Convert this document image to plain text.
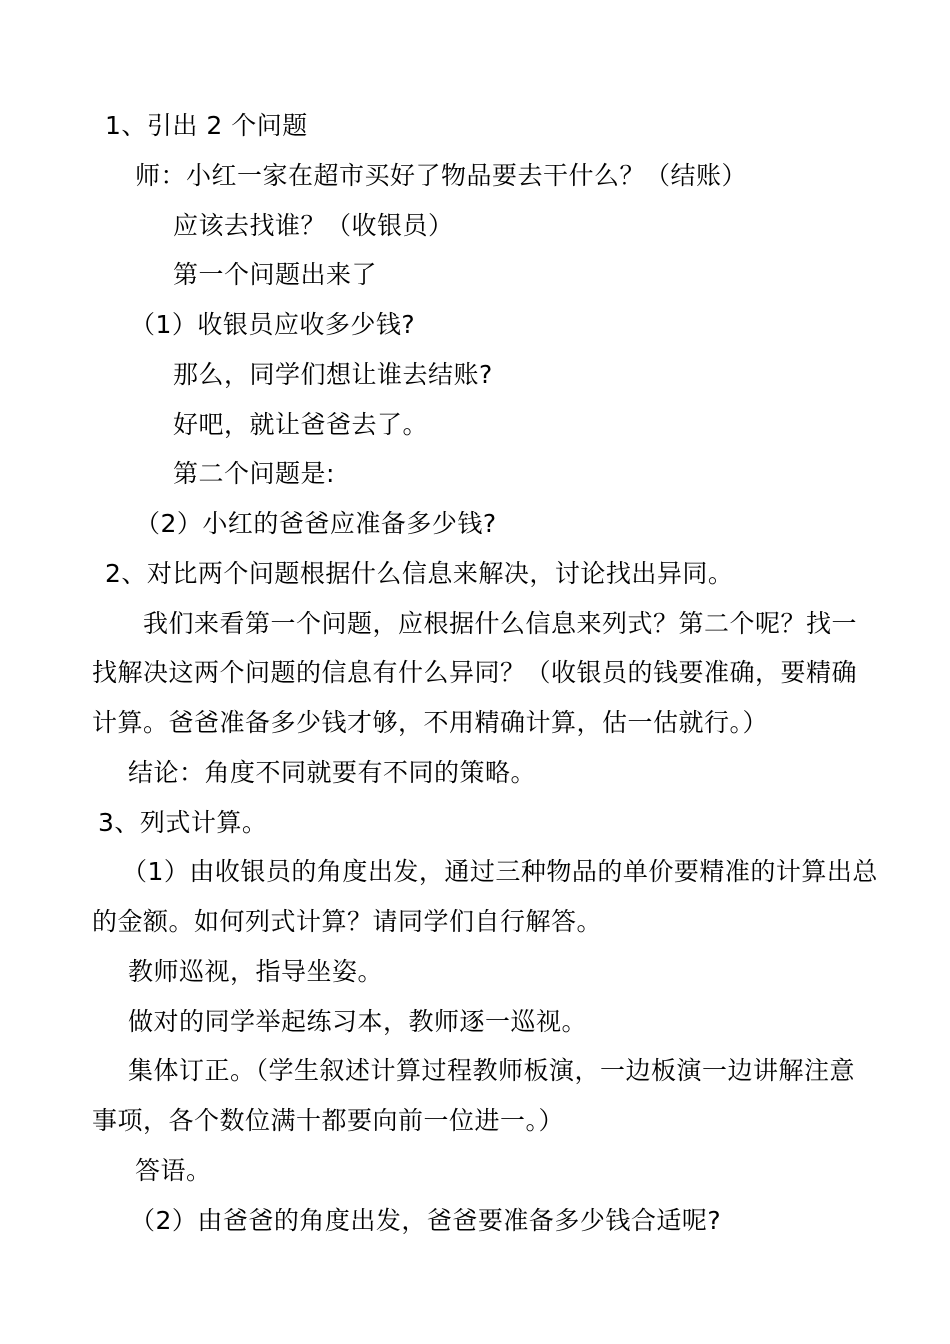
1、引出 2 个问题
师：小红一家在超市买好了物品要去干什么？（结账）
应该去找谁？（收银员）
第一个问题出来了
（1）收银员应收多少钱?
那么，同学们想让谁去结账?
好吧，就让爸爸去了。
第二个问题是:
（2）小红的爸爸应准备多少钱?
2、对比两个问题根据什么信息来解决，讨论找出异同。
我们来看第一个问题，应根据什么信息来列式？第二个呢？找一
找解决这两个问题的信息有什么异同？（收银员的钱要准确，要精确
计算。爸爸准备多少钱才够，不用精确计算，估一估就行。）
结论：角度不同就要有不同的策略。
3、列式计算。
（1）由收银员的角度出发，通过三种物品的单价要精准的计算出总
的金额。如何列式计算？请同学们自行解答。
教师巡视，指导坐姿。
做对的同学举起练习本，教师逐一巡视。
集体订正。（学生叙述计算过程教师板演，一边板演一边讲解注意
事项，各个数位满十都要向前一位进一。）
答语。
（2）由爸爸的角度出发，爸爸要准备多少钱合适呢?
